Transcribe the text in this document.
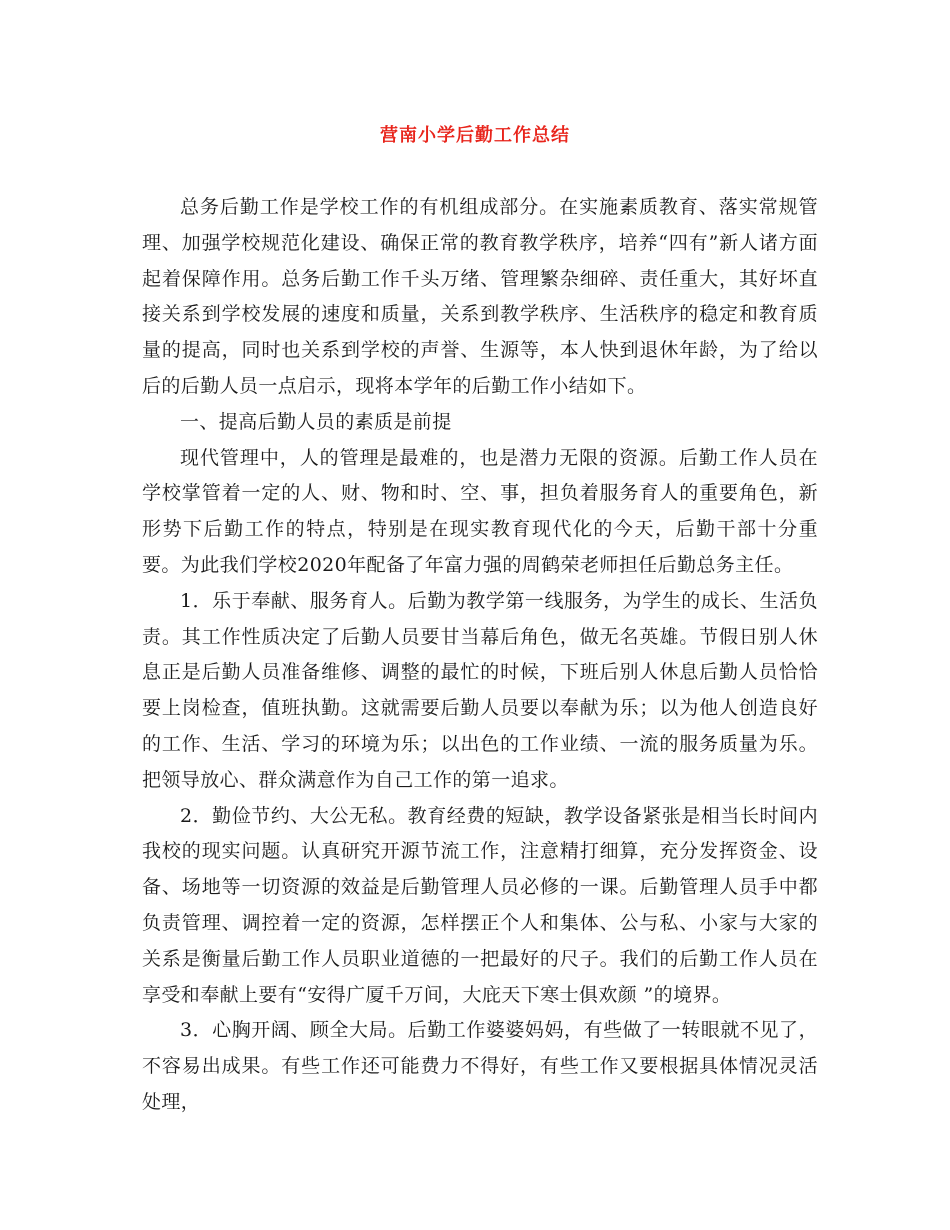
营南小学后勤工作总结

总务后勤工作是学校工作的有机组成部分。在实施素质教育、落实常规管理、加强学校规范化建设、确保正常的教育教学秩序，培养“四有”新人诸方面起着保障作用。总务后勤工作千头万绪、管理繁杂细碎、责任重大，其好坏直接关系到学校发展的速度和质量，关系到教学秩序、生活秩序的稳定和教育质量的提高，同时也关系到学校的声誉、生源等，本人快到退休年龄，为了给以后的后勤人员一点启示，现将本学年的后勤工作小结如下。

一、提高后勤人员的素质是前提

现代管理中，人的管理是最难的，也是潜力无限的资源。后勤工作人员在学校掌管着一定的人、财、物和时、空、事，担负着服务育人的重要角色，新形势下后勤工作的特点，特别是在现实教育现代化的今天，后勤干部十分重要。为此我们学校2020年配备了年富力强的周鹤荣老师担任后勤总务主任。

1．乐于奉献、服务育人。后勤为教学第一线服务，为学生的成长、生活负责。其工作性质决定了后勤人员要甘当幕后角色，做无名英雄。节假日别人休息正是后勤人员准备维修、调整的最忙的时候，下班后别人休息后勤人员恰恰要上岗检查，值班执勤。这就需要后勤人员要以奉献为乐；以为他人创造良好的工作、生活、学习的环境为乐；以出色的工作业绩、一流的服务质量为乐。把领导放心、群众满意作为自己工作的第一追求。

2．勤俭节约、大公无私。教育经费的短缺，教学设备紧张是相当长时间内我校的现实问题。认真研究开源节流工作，注意精打细算，充分发挥资金、设备、场地等一切资源的效益是后勤管理人员必修的一课。后勤管理人员手中都负责管理、调控着一定的资源，怎样摆正个人和集体、公与私、小家与大家的关系是衡量后勤工作人员职业道德的一把最好的尺子。我们的后勤工作人员在享受和奉献上要有“安得广厦千万间，大庇天下寒士俱欢颜 ”的境界。

3．心胸开阔、顾全大局。后勤工作婆婆妈妈，有些做了一转眼就不见了，不容易出成果。有些工作还可能费力不得好，有些工作又要根据具体情况灵活处理，
